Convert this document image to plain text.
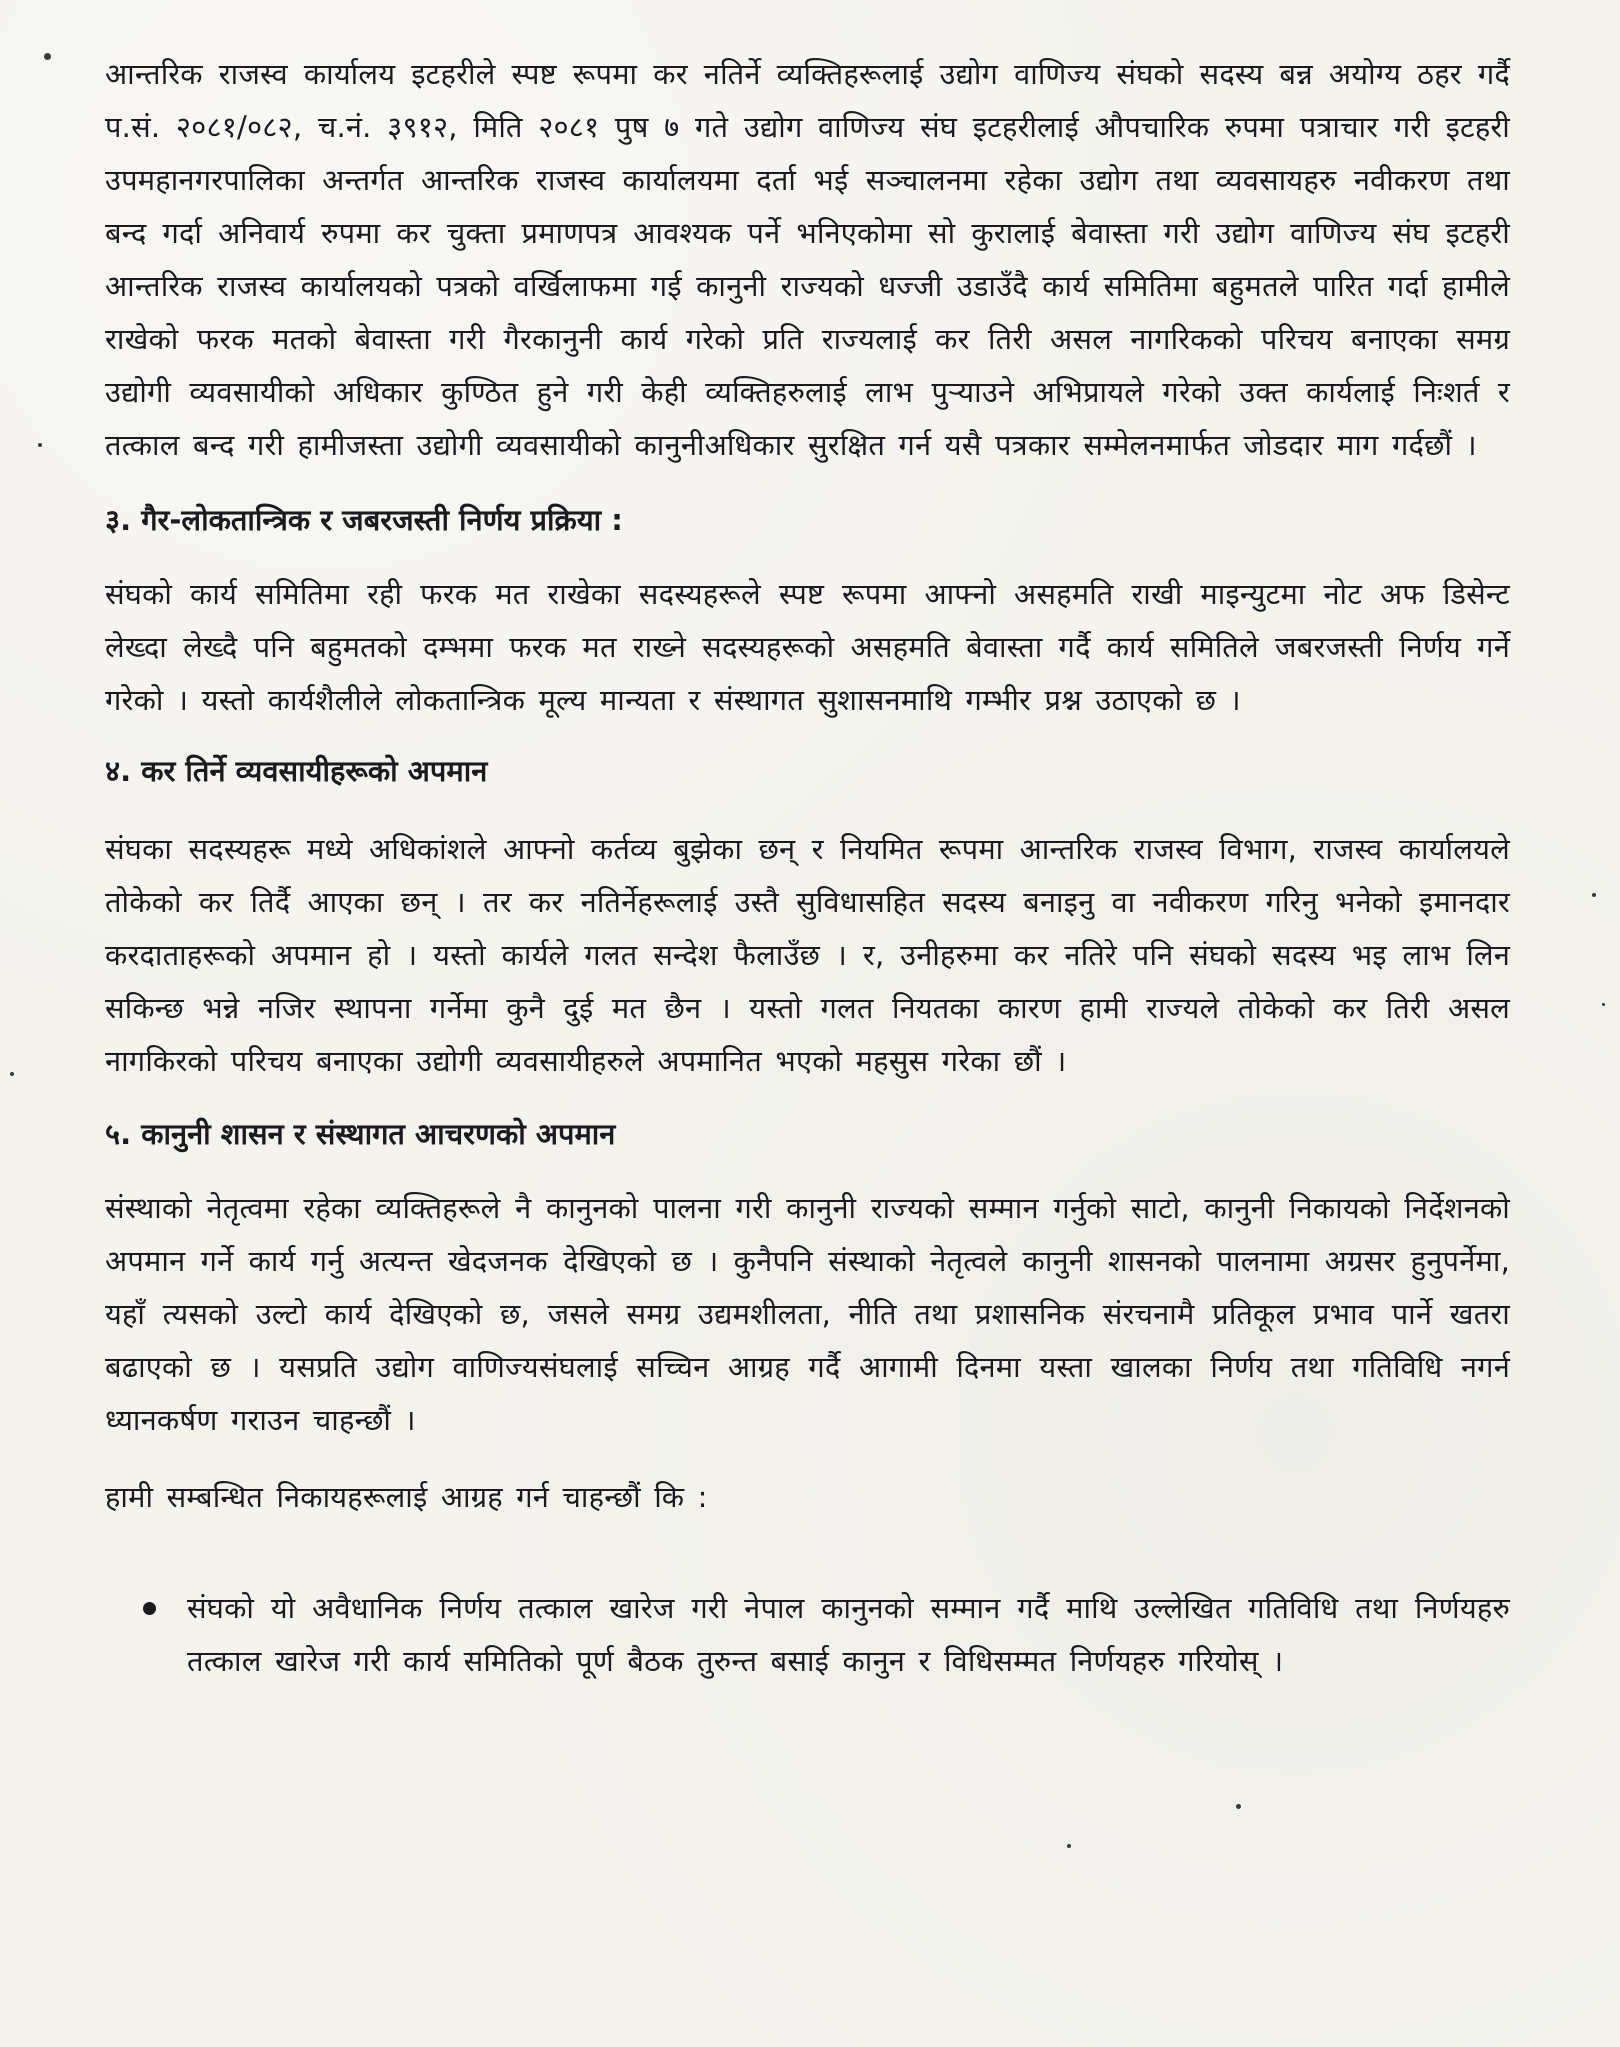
आन्तरिक राजस्व कार्यालय इटहरीले स्पष्ट रूपमा कर नतिर्ने व्यक्तिहरूलाई उद्योग वाणिज्य संघको सदस्य बन्न अयोग्य ठहर गर्दै प.सं. २०८१/०८२, च.नं. ३९१२, मिति २०८१ पुष ७ गते उद्योग वाणिज्य संघ इटहरीलाई औपचारिक रुपमा पत्राचार गरी इटहरी उपमहानगरपालिका अन्तर्गत आन्तरिक राजस्व कार्यालयमा दर्ता भई सञ्चालनमा रहेका उद्योग तथा व्यवसायहरु नवीकरण तथा बन्द गर्दा अनिवार्य रुपमा कर चुक्ता प्रमाणपत्र आवश्यक पर्ने भनिएकोमा सो कुरालाई बेवास्ता गरी उद्योग वाणिज्य संघ इटहरी आन्तरिक राजस्व कार्यालयको पत्रको वर्खिलाफमा गई कानुनी राज्यको धज्जी उडाउँदै कार्य समितिमा बहुमतले पारित गर्दा हामीले राखेको फरक मतको बेवास्ता गरी गैरकानुनी कार्य गरेको प्रति राज्यलाई कर तिरी असल नागरिकको परिचय बनाएका समग्र उद्योगी व्यवसायीको अधिकार कुण्ठित हुने गरी केही व्यक्तिहरुलाई लाभ पुऱ्याउने अभिप्रायले गरेको उक्त कार्यलाई निःशर्त र तत्काल बन्द गरी हामीजस्ता उद्योगी व्यवसायीको कानुनीअधिकार सुरक्षित गर्न यसै पत्रकार सम्मेलनमार्फत जोडदार माग गर्दछौं ।

३. गैर-लोकतान्त्रिक र जबरजस्ती निर्णय प्रक्रिया :

संघको कार्य समितिमा रही फरक मत राखेका सदस्यहरूले स्पष्ट रूपमा आफ्नो असहमति राखी माइन्युटमा नोट अफ डिसेन्ट लेख्दा लेख्दै पनि बहुमतको दम्भमा फरक मत राख्ने सदस्यहरूको असहमति बेवास्ता गर्दै कार्य समितिले जबरजस्ती निर्णय गर्ने गरेको । यस्तो कार्यशैलीले लोकतान्त्रिक मूल्य मान्यता र संस्थागत सुशासनमाथि गम्भीर प्रश्न उठाएको छ ।

४. कर तिर्ने व्यवसायीहरूको अपमान

संघका सदस्यहरू मध्ये अधिकांशले आफ्नो कर्तव्य बुझेका छन् र नियमित रूपमा आन्तरिक राजस्व विभाग, राजस्व कार्यालयले तोकेको कर तिर्दै आएका छन् । तर कर नतिर्नेहरूलाई उस्तै सुविधासहित सदस्य बनाइनु वा नवीकरण गरिनु भनेको इमानदार करदाताहरूको अपमान हो । यस्तो कार्यले गलत सन्देश फैलाउँछ । र, उनीहरुमा कर नतिरे पनि संघको सदस्य भइ लाभ लिन सकिन्छ भन्ने नजिर स्थापना गर्नेमा कुनै दुई मत छैन । यस्तो गलत नियतका कारण हामी राज्यले तोकेको कर तिरी असल नागकिरको परिचय बनाएका उद्योगी व्यवसायीहरुले अपमानित भएको महसुस गरेका छौं ।

५. कानुनी शासन र संस्थागत आचरणको अपमान

संस्थाको नेतृत्वमा रहेका व्यक्तिहरूले नै कानुनको पालना गरी कानुनी राज्यको सम्मान गर्नुको साटो, कानुनी निकायको निर्देशनको अपमान गर्ने कार्य गर्नु अत्यन्त खेदजनक देखिएको छ । कुनैपनि संस्थाको नेतृत्वले कानुनी शासनको पालनामा अग्रसर हुनुपर्नेमा, यहाँ त्यसको उल्टो कार्य देखिएको छ, जसले समग्र उद्यमशीलता, नीति तथा प्रशासनिक संरचनामै प्रतिकूल प्रभाव पार्ने खतरा बढाएको छ । यसप्रति उद्योग वाणिज्यसंघलाई सच्चिन आग्रह गर्दै आगामी दिनमा यस्ता खालका निर्णय तथा गतिविधि नगर्न ध्यानकर्षण गराउन चाहन्छौं ।

हामी सम्बन्धित निकायहरूलाई आग्रह गर्न चाहन्छौं कि :

संघको यो अवैधानिक निर्णय तत्काल खारेज गरी नेपाल कानुनको सम्मान गर्दै माथि उल्लेखित गतिविधि तथा निर्णयहरु तत्काल खारेज गरी कार्य समितिको पूर्ण बैठक तुरुन्त बसाई कानुन र विधिसम्मत निर्णयहरु गरियोस् ।
